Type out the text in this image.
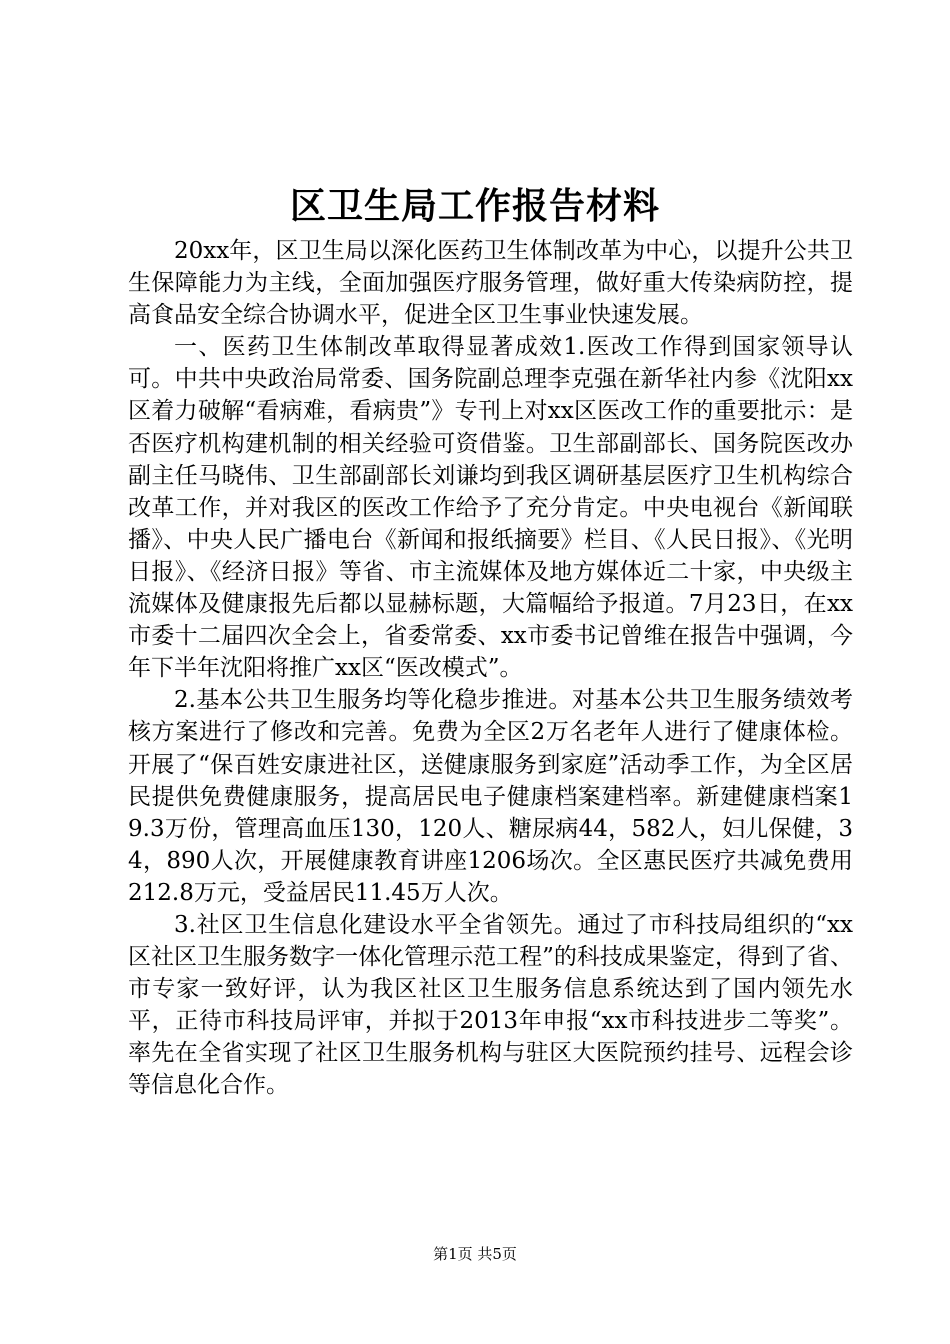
区卫生局工作报告材料

20xx年，区卫生局以深化医药卫生体制改革为中心，以提升公共卫生保障能力为主线，全面加强医疗服务管理，做好重大传染病防控，提高食品安全综合协调水平，促进全区卫生事业快速发展。

一、医药卫生体制改革取得显著成效1.医改工作得到国家领导认可。中共中央政治局常委、国务院副总理李克强在新华社内参《沈阳xx区着力破解“看病难，看病贵”》专刊上对xx区医改工作的重要批示：是否医疗机构建机制的相关经验可资借鉴。卫生部副部长、国务院医改办副主任马晓伟、卫生部副部长刘谦均到我区调研基层医疗卫生机构综合改革工作，并对我区的医改工作给予了充分肯定。中央电视台《新闻联播》、中央人民广播电台《新闻和报纸摘要》栏目、《人民日报》、《光明日报》、《经济日报》等省、市主流媒体及地方媒体近二十家，中央级主流媒体及健康报先后都以显赫标题，大篇幅给予报道。7月23日，在xx市委十二届四次全会上，省委常委、xx市委书记曾维在报告中强调，今年下半年沈阳将推广xx区“医改模式”。

2.基本公共卫生服务均等化稳步推进。对基本公共卫生服务绩效考核方案进行了修改和完善。免费为全区2万名老年人进行了健康体检。开展了“保百姓安康进社区，送健康服务到家庭”活动季工作，为全区居民提供免费健康服务，提高居民电子健康档案建档率。新建健康档案19.3万份，管理高血压130，120人、糖尿病44，582人，妇儿保健，34，890人次，开展健康教育讲座1206场次。全区惠民医疗共减免费用212.8万元，受益居民11.45万人次。

3.社区卫生信息化建设水平全省领先。通过了市科技局组织的“xx区社区卫生服务数字一体化管理示范工程”的科技成果鉴定，得到了省、市专家一致好评，认为我区社区卫生服务信息系统达到了国内领先水平，正待市科技局评审，并拟于2013年申报“xx市科技进步二等奖”。率先在全省实现了社区卫生服务机构与驻区大医院预约挂号、远程会诊等信息化合作。

第1页 共5页
